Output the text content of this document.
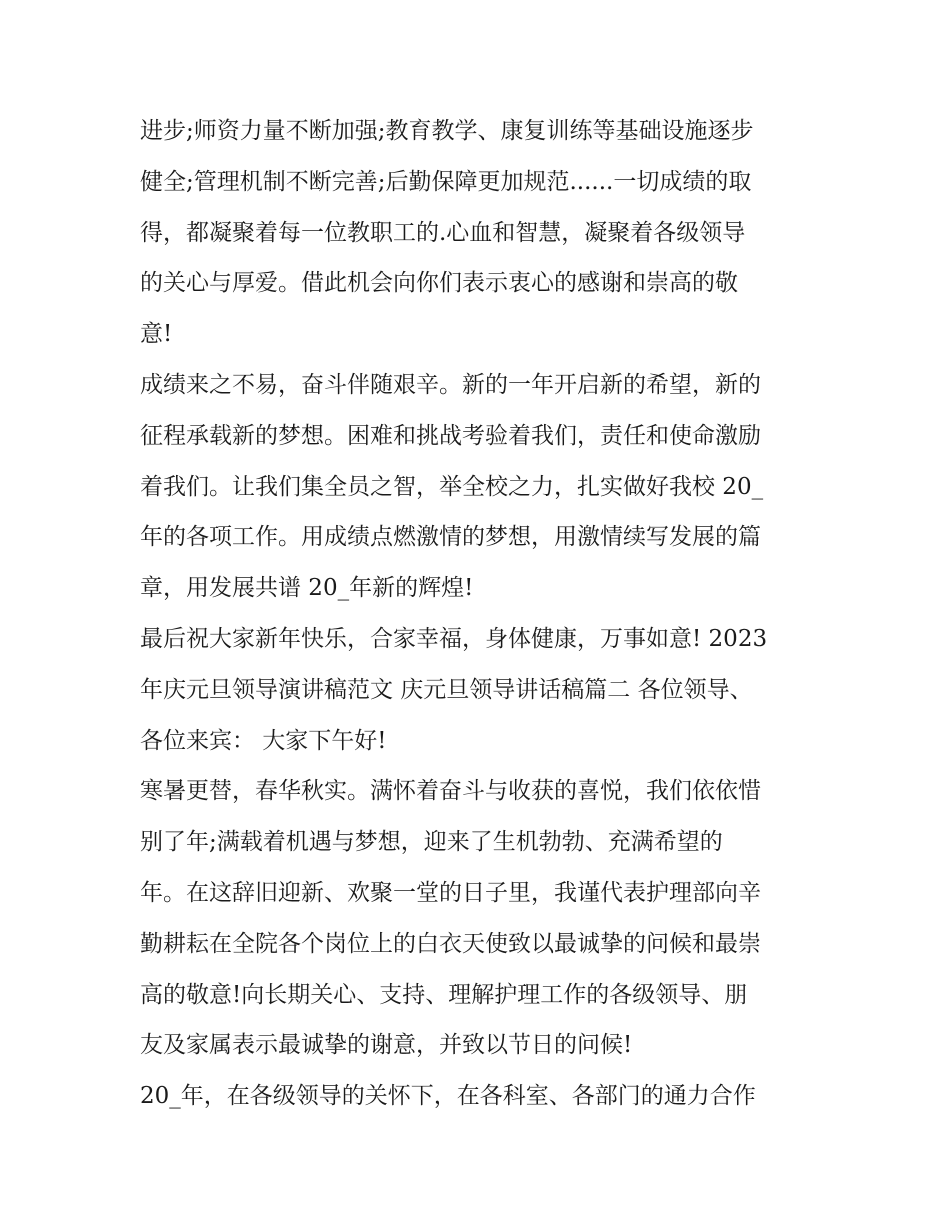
进步;师资力量不断加强;教育教学、康复训练等基础设施逐步
健全;管理机制不断完善;后勤保障更加规范......一切成绩的取
得，都凝聚着每一位教职工的.心血和智慧，凝聚着各级领导
的关心与厚爱。借此机会向你们表示衷心的感谢和崇高的敬
意!
成绩来之不易，奋斗伴随艰辛。新的一年开启新的希望，新的
征程承载新的梦想。困难和挑战考验着我们，责任和使命激励
着我们。让我们集全员之智，举全校之力，扎实做好我校 20_
年的各项工作。用成绩点燃激情的梦想，用激情续写发展的篇
章，用发展共谱 20_年新的辉煌!
最后祝大家新年快乐，合家幸福，身体健康，万事如意! 2023
年庆元旦领导演讲稿范文 庆元旦领导讲话稿篇二 各位领导、
各位来宾： 大家下午好!
寒暑更替，春华秋实。满怀着奋斗与收获的喜悦，我们依依惜
别了年;满载着机遇与梦想，迎来了生机勃勃、充满希望的
年。在这辞旧迎新、欢聚一堂的日子里，我谨代表护理部向辛
勤耕耘在全院各个岗位上的白衣天使致以最诚挚的问候和最崇
高的敬意!向长期关心、支持、理解护理工作的各级领导、朋
友及家属表示最诚挚的谢意，并致以节日的问候!
20_年，在各级领导的关怀下，在各科室、各部门的通力合作
